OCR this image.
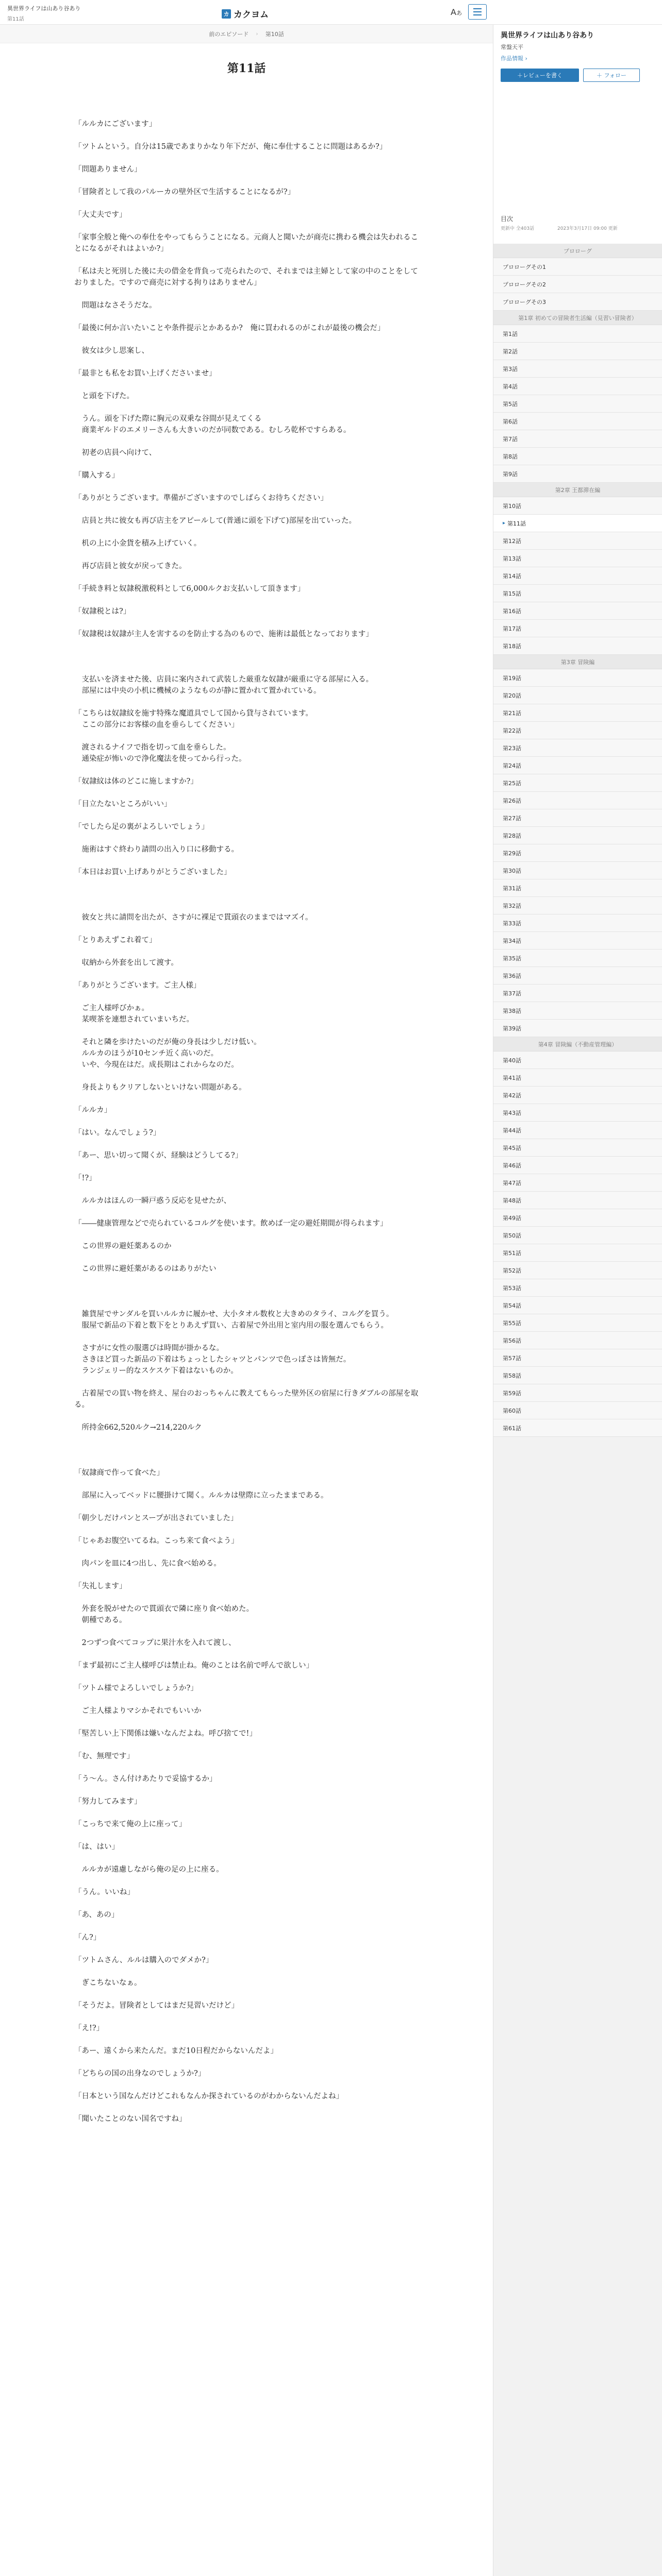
異世界ライフは山あり谷あり
第11話
カ カクヨム	Aあ
前のエピソード › 第10話
第11話

「ルルカにございます」

「ツトムという。自分は15歳であまりかなり年下だが、俺に奉仕することに問題はあるか?」

「問題ありません」

「冒険者として我のパルーカの壁外区で生活することになるが?」

「大丈夫です」

「家事全般と俺への奉仕をやってもらうことになる。元商人と聞いたが商売に携わる機会は失われることになるがそれはよいか?」

「私は夫と死別した後に夫の借金を背負って売られたので、それまでは主婦として家の中のことをしておりました。ですので商売に対する拘りはありません」

　問題はなさそうだな。

「最後に何か言いたいことや条件提示とかあるか?　俺に買われるのがこれが最後の機会だ」

　彼女は少し思案し、

「最非とも私をお買い上げくださいませ」

　と頭を下げた。

　うん。頭を下げた際に胸元の双乗な谷間が見えてくる

　商業ギルドのエメリーさんも大きいのだが同数である。むしろ乾杯ですらある。

　初老の店員へ向けて、

「購入する」

「ありがとうございます。準備がございますのでしばらくお待ちください」

　店員と共に彼女も再び店主をアピールして(普通に頭を下げて)部屋を出ていった。

　机の上に小金貨を積み上げていく。

　再び店員と彼女が戻ってきた。

「手続き料と奴隷税激税料として6,000ルクお支払いして頂きます」

「奴隷税とは?」

「奴隷税は奴隷が主人を害するのを防止する為のもので、施術は最低となっております」

　支払いを済ませた後、店員に案内されて武装した厳重な奴隷が厳重に守る部屋に入る。

　部屋には中央の小机に機械のようなものが静に置かれて置かれている。

「こちらは奴隷紋を施す特殊な魔道具でして国から貸与されています。

　ここの部分にお客様の血を垂らしてください」

　渡されるナイフで指を切って血を垂らした。

　通染症が怖いので浄化魔法を使ってから行った。

「奴隷紋は体のどこに施しますか?」

「目立たないところがいい」

「でしたら足の裏がよろしいでしょう」

　施術はすぐ終わり請問の出入り口に移動する。

「本日はお買い上げありがとうございました」

　彼女と共に請問を出たが、さすがに裸足で貫頭衣のままではマズイ。

「とりあえずこれ着て」

　収納から外套を出して渡す。

「ありがとうございます。ご主人様」

　ご主人様呼びかぁ。

　某喫茶を連想されていまいちだ。

　それと隣を歩けたいのだが俺の身長は少しだけ低い。

　ルルカのほうが10センチ近く高いのだ。

　いや、今現在はだ。成長期はこれからなのだ。

　身長よりもクリアしないといけない問題がある。

「ルルカ」

「はい。なんでしょう?」

「あー、思い切って聞くが、経験はどうしてる?」

「!?」

　ルルカはほんの一瞬戸惑う反応を見せたが、

「――健康管理などで売られているコルグを使います。飲めば一定の避妊期間が得られます」

　この世界の避妊薬あるのか

　この世界に避妊薬があるのはありがたい

　雑貨屋でサンダルを買いルルカに履かせ、大小タオル数枚と大きめのタライ、コルグを買う。

　服屋で新品の下着と数下をとりあえず買い、古着屋で外出用と室内用の服を選んでもらう。

　さすがに女性の服選びは時間が掛かるな。

　さきほど買った新品の下着はちょっとしたシャツとパンツで色っぽさは皆無だ。

　ランジェリー的なスケスケ下着はないものか。

　古着屋での買い物を終え、屋台のおっちゃんに教えてもらった壁外区の宿屋に行きダブルの部屋を取る。

　所持金662,520ルク→214,220ルク

「奴隷商で作って食べた」

　部屋に入ってベッドに腰掛けて聞く。ルルカは壁際に立ったままである。

「朝少しだけパンとスープが出されていました」

「じゃあお腹空いてるね。こっち来て食べよう」

　肉パンを皿に4つ出し、先に食べ始める。

「失礼します」

　外套を脱がせたので貫頭衣で隣に座り食べ始めた。

　朝種である。

　2つずつ食べてコップに果汁水を入れて渡し、

「まず最初にご主人様呼びは禁止ね。俺のことは名前で呼んで欲しい」

「ツトム様でよろしいでしょうか?」

　ご主人様よりマシかそれでもいいか

「堅苦しい上下関係は嫌いなんだよね。呼び捨てで!」

「む、無理です」

「う～ん。さん付けあたりで妥協するか」

「努力してみます」

「こっちで来て俺の上に座って」

「は、はい」

　ルルカが遠慮しながら俺の足の上に座る。

「うん。いいね」

「あ、あの」

「ん?」

「ツトムさん、ルルは購入のでダメか?」

　ぎこちないなぁ。

「そうだよ。冒険者としてはまだ見習いだけど」

「え!?」

「あー、遠くから来たんだ。まだ10日程だからないんだよ」

「どちらの国の出身なのでしょうか?」

「日本という国なんだけどこれもなんか探されているのがわからないんだよね」

「聞いたことのない国名ですね」

異世界ライフは山あり谷あり
常盤天平
作品情報 ›
＋レビューを書く	＋ フォロー
目次
更新中 全403話　　　　　2023年3月17日 09:00 更新
プロローグ
プロローグその1
プロローグその2
プロローグその3
第1章 初めての冒険者生活編（見習い冒険者）
第1話
第2話
第3話
第4話
第5話
第6話
第7話
第8話
第9話
第2章 王都滞在編
第10話
▸ 第11話
第12話
第13話
第14話
第15話
第16話
第17話
第18話
第3章 冒険編
第19話
第20話
第21話
第22話
第23話
第24話
第25話
第26話
第27話
第28話
第29話
第30話
第31話
第32話
第33話
第34話
第35話
第36話
第37話
第38話
第39話
第4章 冒険編（不動産管理編）
第40話
第41話
第42話
第43話
第44話
第45話
第46話
第47話
第48話
第49話
第50話
第51話
第52話
第53話
第54話
第55話
第56話
第57話
第58話
第59話
第60話
第61話
